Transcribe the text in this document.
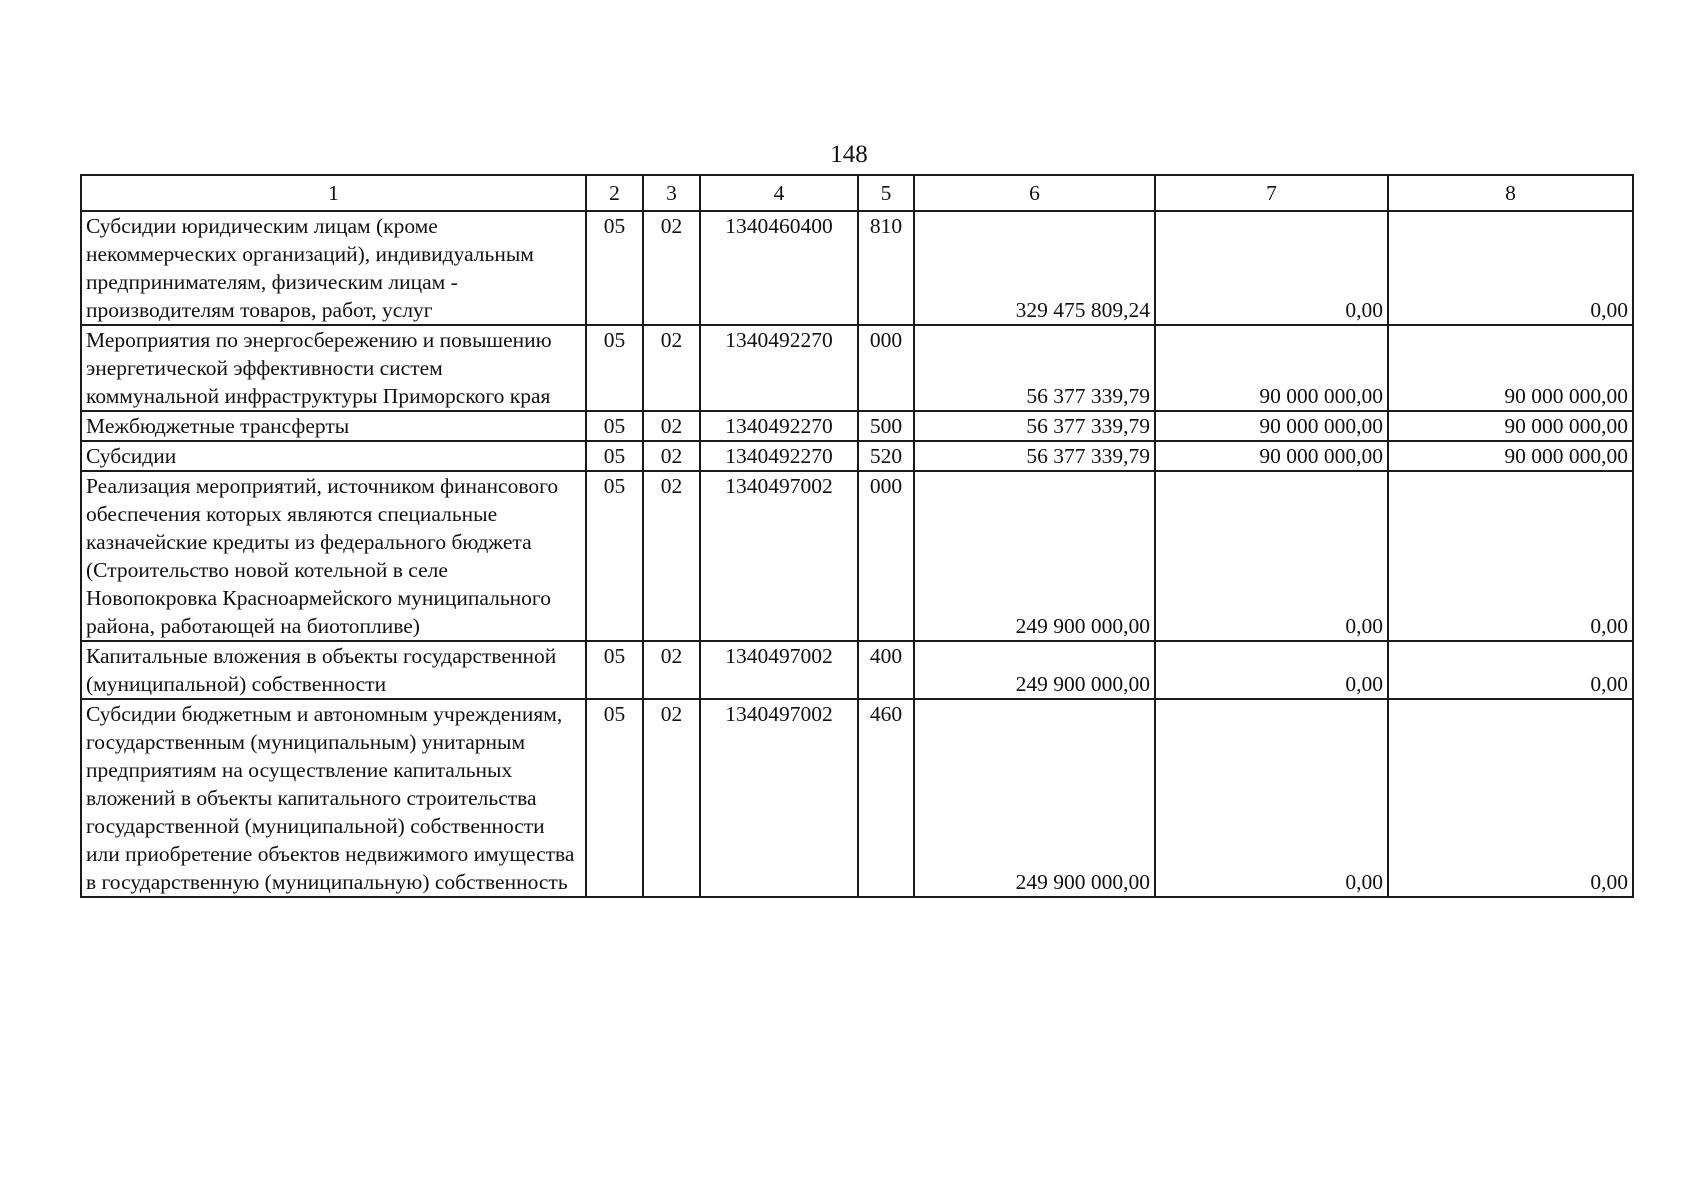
148
1	2	3	4	5	6	7	8
Субсидии юридическим лицам (кроме некоммерческих организаций), индивидуальным предпринимателям, физическим лицам - производителям товаров, работ, услуг	05	02	1340460400	810	329 475 809,24	0,00	0,00
Мероприятия по энергосбережению и повышению энергетической эффективности систем коммунальной инфраструктуры Приморского края	05	02	1340492270	000	56 377 339,79	90 000 000,00	90 000 000,00
Межбюджетные трансферты	05	02	1340492270	500	56 377 339,79	90 000 000,00	90 000 000,00
Субсидии	05	02	1340492270	520	56 377 339,79	90 000 000,00	90 000 000,00
Реализация мероприятий, источником финансового обеспечения которых являются специальные казначейские кредиты из федерального бюджета (Строительство новой котельной в селе Новопокровка Красноармейского муниципального района, работающей на биотопливе)	05	02	1340497002	000	249 900 000,00	0,00	0,00
Капитальные вложения в объекты государственной (муниципальной) собственности	05	02	1340497002	400	249 900 000,00	0,00	0,00
Субсидии бюджетным и автономным учреждениям, государственным (муниципальным) унитарным предприятиям на осуществление капитальных вложений в объекты капитального строительства государственной (муниципальной) собственности или приобретение объектов недвижимого имущества в государственную (муниципальную) собственность	05	02	1340497002	460	249 900 000,00	0,00	0,00
